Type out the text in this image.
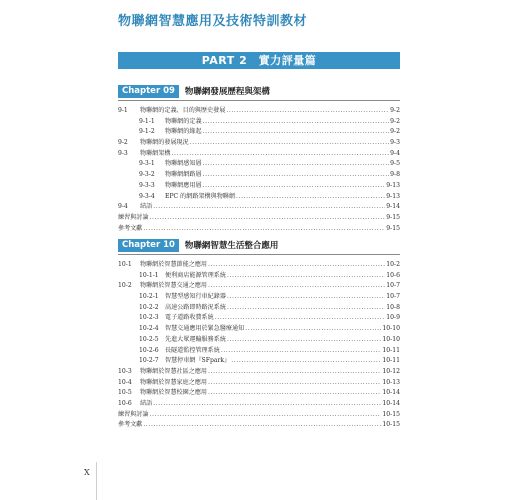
物聯網智慧應用及技術特訓教材
PART 2　實力評量篇
Chapter 09	物聯網發展歷程與架構
9-1	物聯網的定義、目的與歷史發展 .....	9-2
9-1-1	物聯網的定義 .....	9-2
9-1-2	物聯網的緣起 .....	9-2
9-2	物聯網的發展現況 .....	9-3
9-3	物聯網架構 .....	9-4
9-3-1	物聯網感知層 .....	9-5
9-3-2	物聯網網路層 .....	9-8
9-3-3	物聯網應用層 .....	9-13
9-3-4	EPC 的網路架構與物聯網 .....	9-13
9-4	結語 .....	9-14
練習與討論 .....	9-15
參考文獻 .....	9-15
Chapter 10	物聯網智慧生活整合應用
10-1	物聯網於智慧節能之應用 .....	10-2
10-1-1	便利商店能源管理系統 .....	10-6
10-2	物聯網於智慧交通之應用 .....	10-7
10-2-1	智慧型感知行車紀錄器 .....	10-7
10-2-2	高速公路即時路況系統 .....	10-8
10-2-3	電子道路收費系統 .....	10-9
10-2-4	智慧交通應用於緊急醫療通知 .....	10-10
10-2-5	先進大眾運輸服務系統 .....	10-10
10-2-6	長隧道監控管理系統 .....	10-11
10-2-7	智慧停車網『SFpark』 .....	10-11
10-3	物聯網於智慧社區之應用 .....	10-12
10-4	物聯網於智慧家庭之應用 .....	10-13
10-5	物聯網於智慧校園之應用 .....	10-14
10-6	結語 .....	10-14
練習與討論 .....	10-15
參考文獻 .....	10-15
X
